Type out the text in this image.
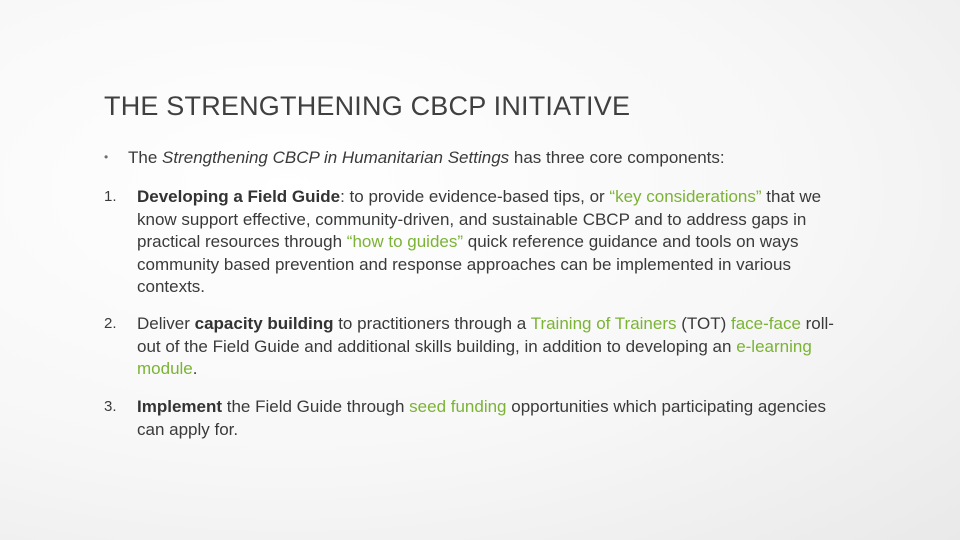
THE STRENGTHENING CBCP INITIATIVE
• The Strengthening CBCP in Humanitarian Settings has three core components:
1.	Developing a Field Guide: to provide evidence-based tips, or “key considerations” that we know support effective, community-driven, and sustainable CBCP and to address gaps in practical resources through “how to guides” quick reference guidance and tools on ways community based prevention and response approaches can be implemented in various contexts.
2.	Deliver capacity building to practitioners through a Training of Trainers (TOT) face-face roll-out of the Field Guide and additional skills building, in addition to developing an e-learning module.
3.	Implement the Field Guide through seed funding opportunities which participating agencies can apply for.
